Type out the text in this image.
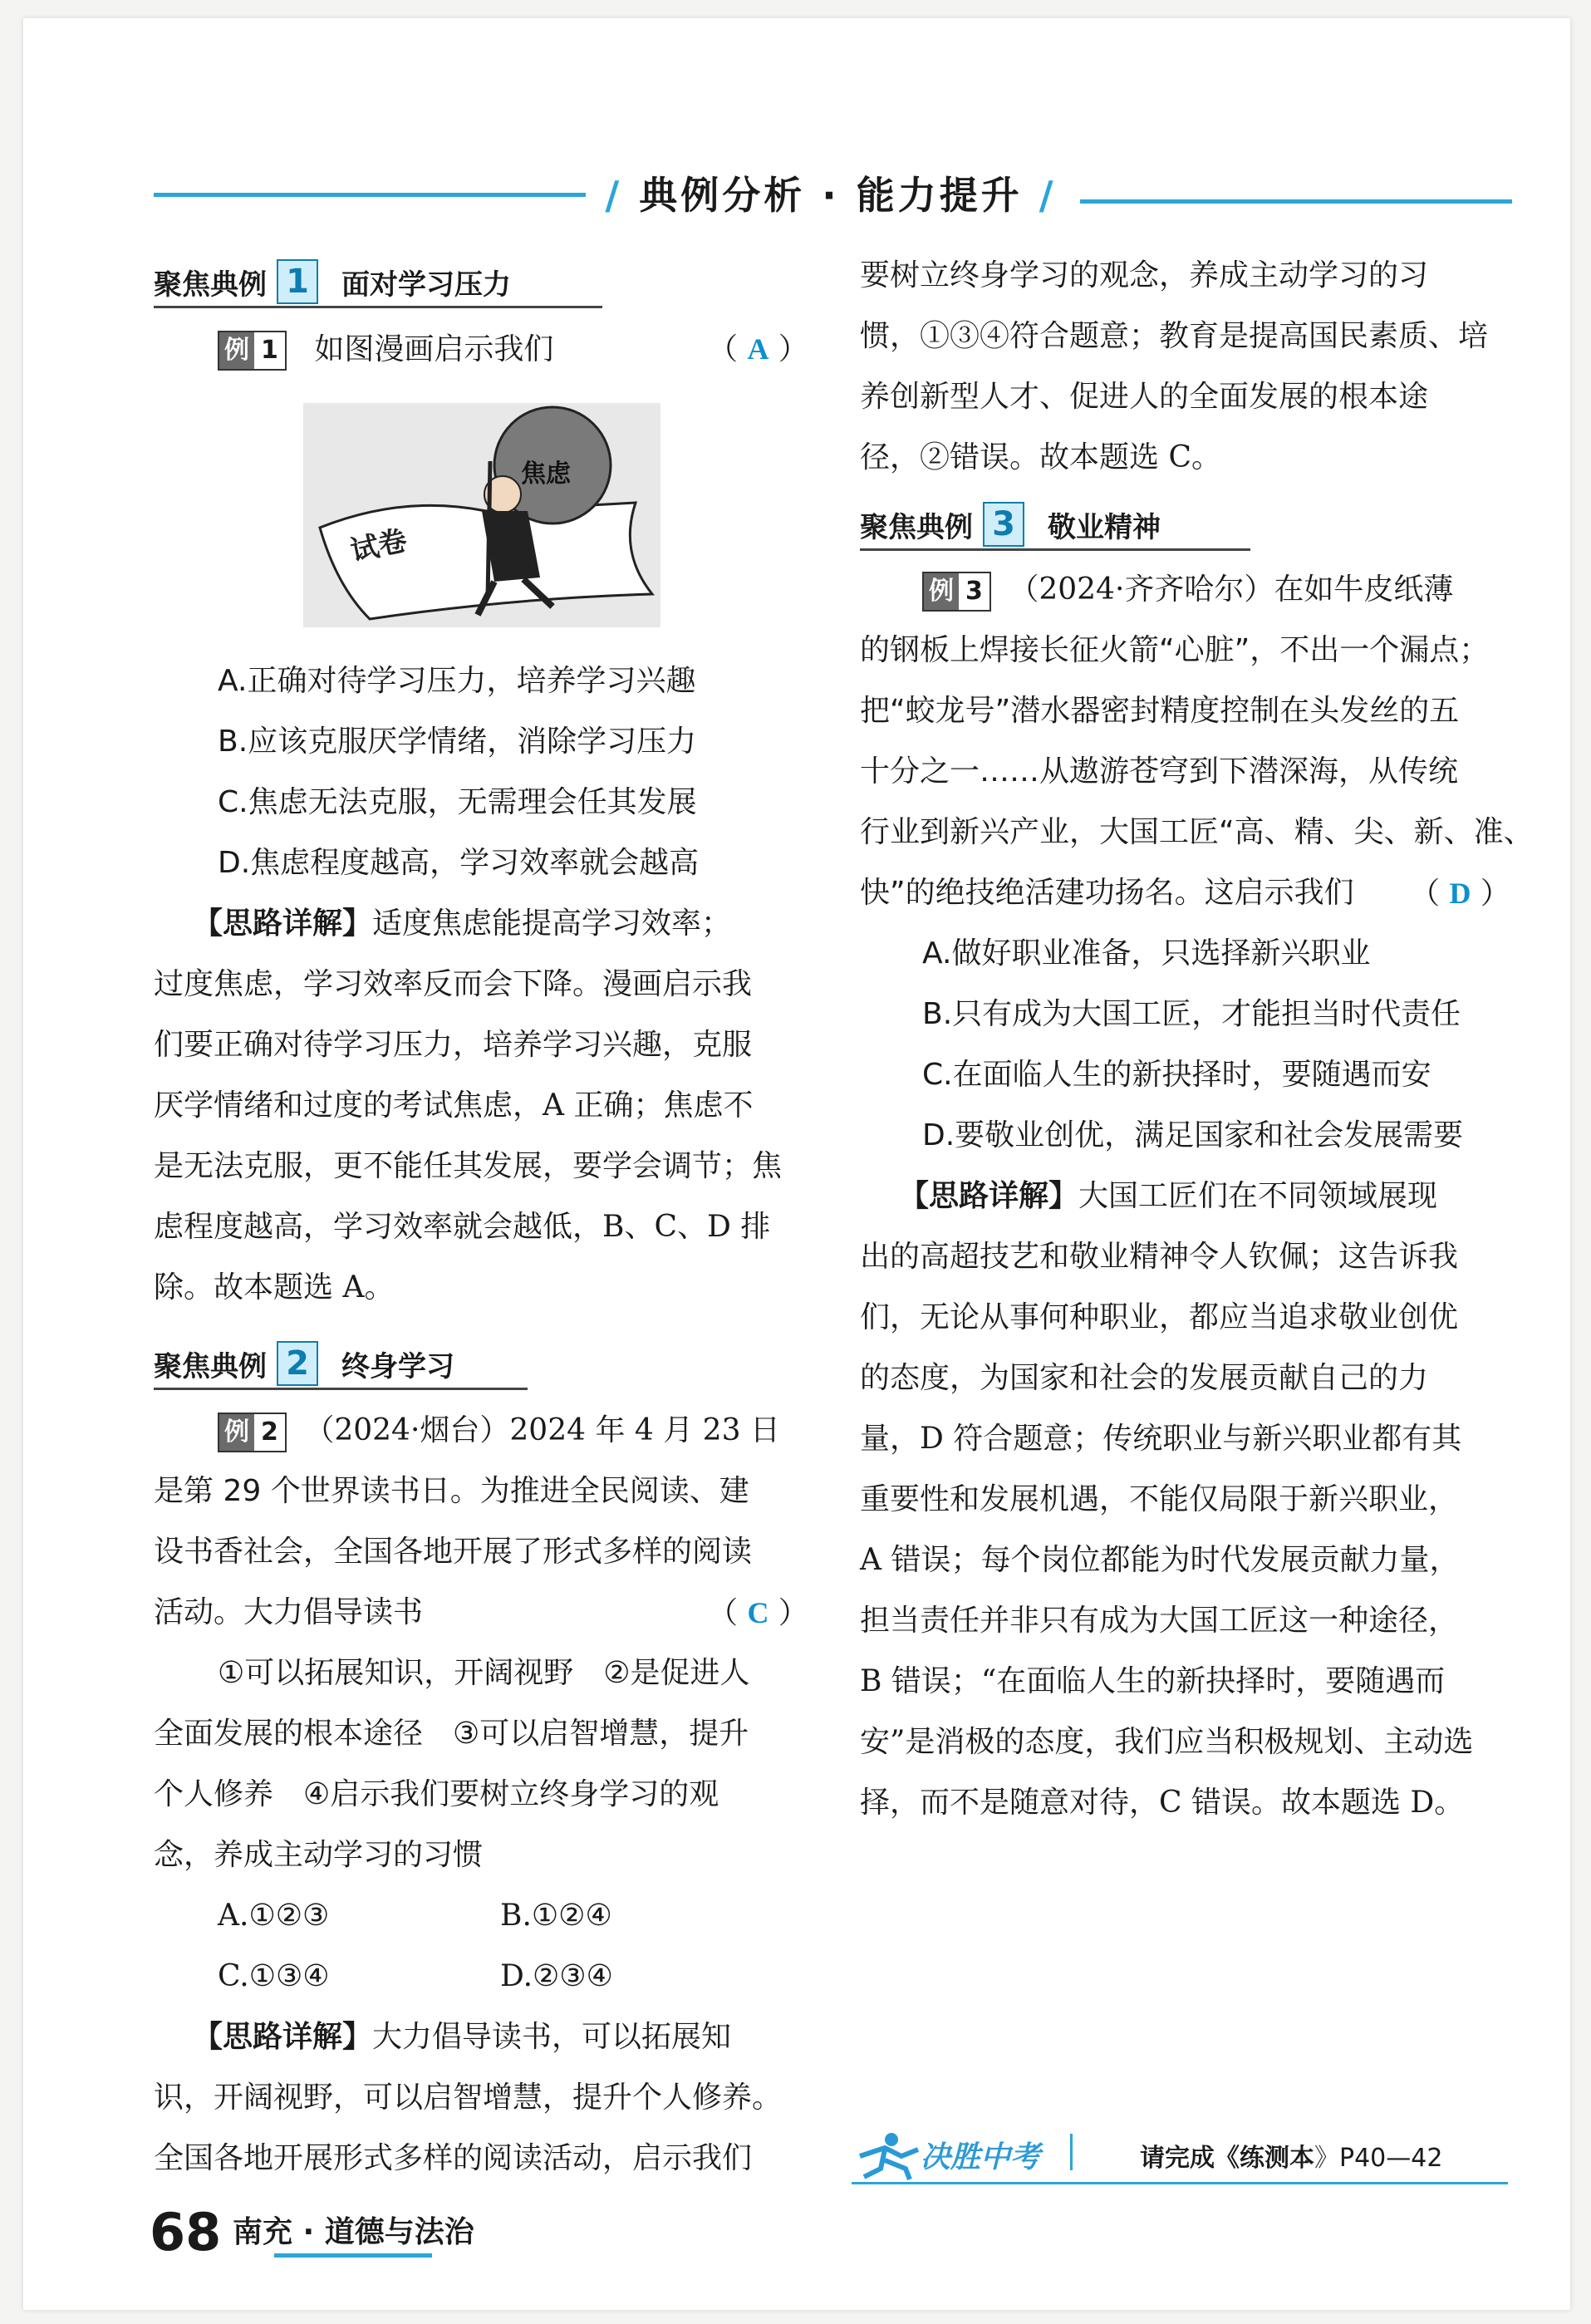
/ 典例分析 · 能力提升 /
聚焦典例 1	面对学习压力
例 1 如图漫画启示我们	（ A ）
试卷
焦虑
A.正确对待学习压力，培养学习兴趣
B.应该克服厌学情绪，消除学习压力
C.焦虑无法克服，无需理会任其发展
D.焦虑程度越高，学习效率就会越高
【思路详解】适度焦虑能提高学习效率；
过度焦虑，学习效率反而会下降。漫画启示我
们要正确对待学习压力，培养学习兴趣，克服
厌学情绪和过度的考试焦虑，A 正确；焦虑不
是无法克服，更不能任其发展，要学会调节；焦
虑程度越高，学习效率就会越低，B、C、D 排
除。故本题选 A。
聚焦典例 2	终身学习
例 2 （2024·烟台）2024 年 4 月 23 日
是第 29 个世界读书日。为推进全民阅读、建
设书香社会，全国各地开展了形式多样的阅读
活动。大力倡导读书	（ C ）
①可以拓展知识，开阔视野　②是促进人
全面发展的根本途径　③可以启智增慧，提升
个人修养　④启示我们要树立终身学习的观
念，养成主动学习的习惯
A.①②③	B.①②④
C.①③④	D.②③④
【思路详解】大力倡导读书，可以拓展知
识，开阔视野，可以启智增慧，提升个人修养。
全国各地开展形式多样的阅读活动，启示我们
要树立终身学习的观念，养成主动学习的习
惯，①③④符合题意；教育是提高国民素质、培
养创新型人才、促进人的全面发展的根本途
径，②错误。故本题选 C。
聚焦典例 3	敬业精神
例 3 （2024·齐齐哈尔）在如牛皮纸薄
的钢板上焊接长征火箭“心脏”，不出一个漏点；
把“蛟龙号”潜水器密封精度控制在头发丝的五
十分之一……从遨游苍穹到下潜深海，从传统
行业到新兴产业，大国工匠“高、精、尖、新、准、
快”的绝技绝活建功扬名。这启示我们 （ D ）
A.做好职业准备，只选择新兴职业
B.只有成为大国工匠，才能担当时代责任
C.在面临人生的新抉择时，要随遇而安
D.要敬业创优，满足国家和社会发展需要
【思路详解】大国工匠们在不同领域展现
出的高超技艺和敬业精神令人钦佩；这告诉我
们，无论从事何种职业，都应当追求敬业创优
的态度，为国家和社会的发展贡献自己的力
量，D 符合题意；传统职业与新兴职业都有其
重要性和发展机遇，不能仅局限于新兴职业，
A 错误；每个岗位都能为时代发展贡献力量，
担当责任并非只有成为大国工匠这一种途径，
B 错误；“在面临人生的新抉择时，要随遇而
安”是消极的态度，我们应当积极规划、主动选
择，而不是随意对待，C 错误。故本题选 D。
决胜中考	请完成《练测本》P40—42
68 南充 · 道德与法治
